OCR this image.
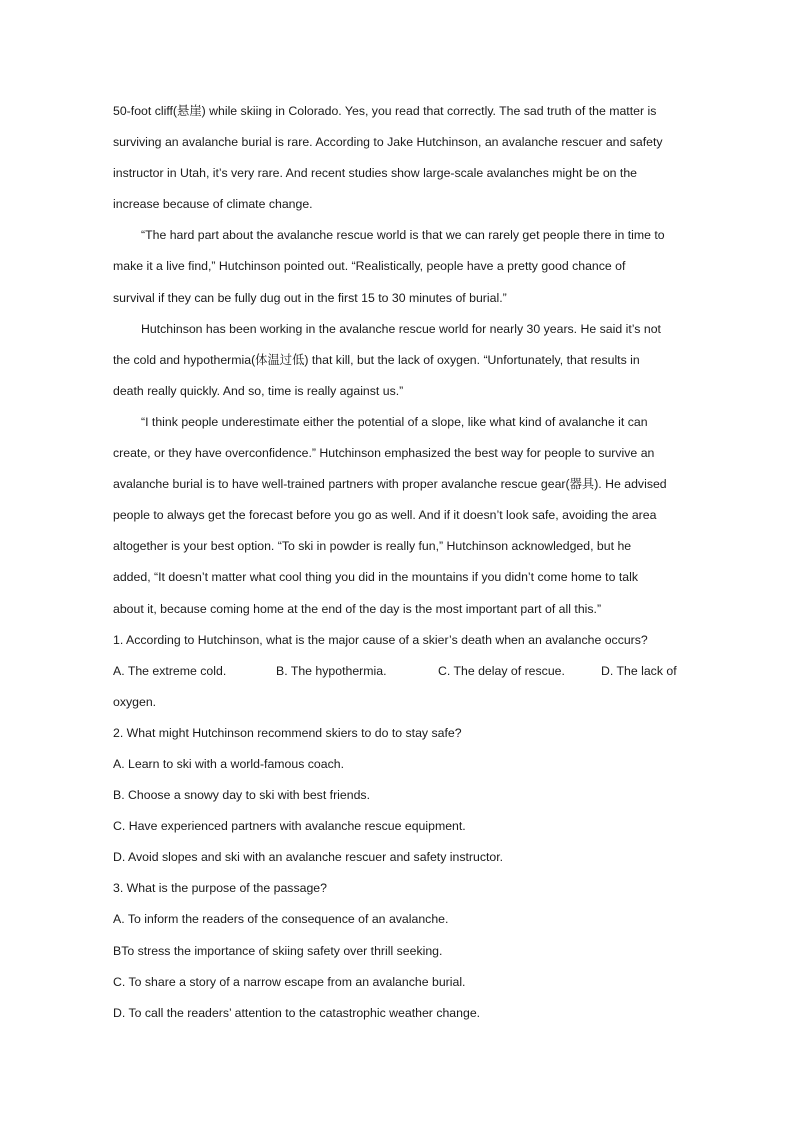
50-foot cliff(悬崖) while skiing in Colorado. Yes, you read that correctly. The sad truth of the matter is

surviving an avalanche burial is rare. According to Jake Hutchinson, an avalanche rescuer and safety

instructor in Utah, it’s very rare. And recent studies show large-scale avalanches might be on the

increase because of climate change.

“The hard part about the avalanche rescue world is that we can rarely get people there in time to

make it a live find,” Hutchinson pointed out. “Realistically, people have a pretty good chance of

survival if they can be fully dug out in the first 15 to 30 minutes of burial.”

Hutchinson has been working in the avalanche rescue world for nearly 30 years. He said it’s not

the cold and hypothermia(体温过低) that kill, but the lack of oxygen. “Unfortunately, that results in

death really quickly. And so, time is really against us.”

“I think people underestimate either the potential of a slope, like what kind of avalanche it can

create, or they have overconfidence.” Hutchinson emphasized the best way for people to survive an

avalanche burial is to have well-trained partners with proper avalanche rescue gear(器具). He advised

people to always get the forecast before you go as well. And if it doesn’t look safe, avoiding the area

altogether is your best option. “To ski in powder is really fun,” Hutchinson acknowledged, but he

added, “It doesn’t matter what cool thing you did in the mountains if you didn’t come home to talk

about it, because coming home at the end of the day is the most important part of all this.”

1. According to Hutchinson, what is the major cause of a skier’s death when an avalanche occurs?

A. The extreme cold.	B. The hypothermia.	C. The delay of rescue.	D. The lack of

oxygen.

2. What might Hutchinson recommend skiers to do to stay safe?

A. Learn to ski with a world-famous coach.

B. Choose a snowy day to ski with best friends.

C. Have experienced partners with avalanche rescue equipment.

D. Avoid slopes and ski with an avalanche rescuer and safety instructor.

3. What is the purpose of the passage?

A. To inform the readers of the consequence of an avalanche.

BTo stress the importance of skiing safety over thrill seeking.

C. To share a story of a narrow escape from an avalanche burial.

D. To call the readers’ attention to the catastrophic weather change.
